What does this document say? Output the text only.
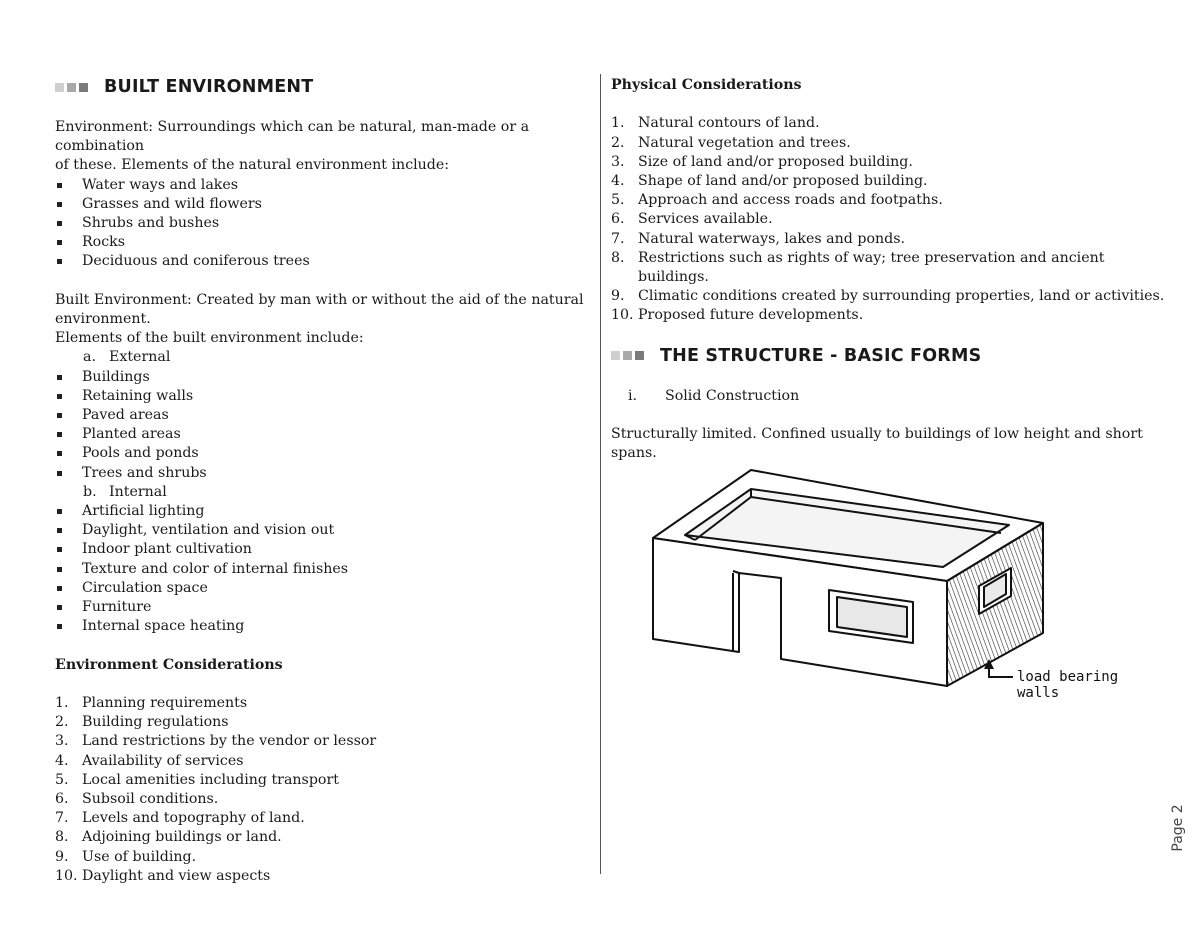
BUILT ENVIRONMENT
Environment: Surroundings which can be natural, man-made or a combination
of these. Elements of the natural environment include:
Water ways and lakes
Grasses and wild flowers
Shrubs and bushes
Rocks
Deciduous and coniferous trees
Built Environment: Created by man with or without the aid of the natural
environment.
Elements of the built environment include:
a. External
Buildings
Retaining walls
Paved areas
Planted areas
Pools and ponds
Trees and shrubs
b. Internal
Artificial lighting
Daylight, ventilation and vision out
Indoor plant cultivation
Texture and color of internal finishes
Circulation space
Furniture
Internal space heating
Environment Considerations
1. Planning requirements
2. Building regulations
3. Land restrictions by the vendor or lessor
4. Availability of services
5. Local amenities including transport
6. Subsoil conditions.
7. Levels and topography of land.
8. Adjoining buildings or land.
9. Use of building.
10. Daylight and view aspects
Physical Considerations
1. Natural contours of land.
2. Natural vegetation and trees.
3. Size of land and/or proposed building.
4. Shape of land and/or proposed building.
5. Approach and access roads and footpaths.
6. Services available.
7. Natural waterways, lakes and ponds.
8. Restrictions such as rights of way; tree preservation and ancient buildings.
9. Climatic conditions created by surrounding properties, land or activities.
10. Proposed future developments.
THE STRUCTURE - BASIC FORMS
i.	Solid Construction
Structurally limited. Confined usually to buildings of low height and short
spans.
load bearing
walls
Page 2
